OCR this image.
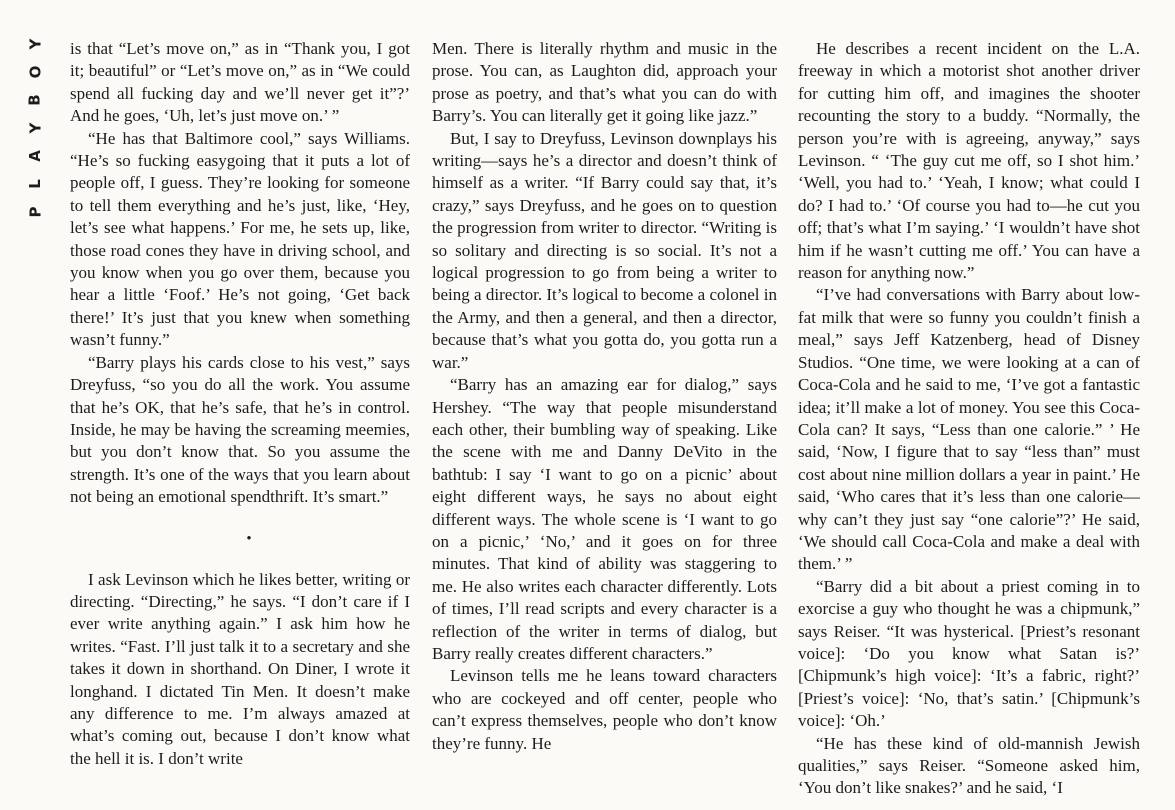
Y
O
B
Y
A
L
P

is that “Let’s move on,” as in “Thank you, I got it; beautiful” or “Let’s move on,” as in “We could spend all fucking day and we’ll never get it”?’ And he goes, ‘Uh, let’s just move on.’ ”

“He has that Baltimore cool,” says Williams. “He’s so fucking easygoing that it puts a lot of people off, I guess. They’re looking for someone to tell them everything and he’s just, like, ‘Hey, let’s see what happens.’ For me, he sets up, like, those road cones they have in driving school, and you know when you go over them, because you hear a little ‘Foof.’ He’s not going, ‘Get back there!’ It’s just that you knew when something wasn’t funny.”

“Barry plays his cards close to his vest,” says Dreyfuss, “so you do all the work. You assume that he’s OK, that he’s safe, that he’s in control. Inside, he may be having the screaming meemies, but you don’t know that. So you assume the strength. It’s one of the ways that you learn about not being an emotional spendthrift. It’s smart.”

•

I ask Levinson which he likes better, writing or directing. “Directing,” he says. “I don’t care if I ever write anything again.” I ask him how he writes. “Fast. I’ll just talk it to a secretary and she takes it down in shorthand. On Diner, I wrote it longhand. I dictated Tin Men. It doesn’t make any difference to me. I’m always amazed at what’s coming out, because I don’t know what the hell it is. I don’t write

Men. There is literally rhythm and music in the prose. You can, as Laughton did, approach your prose as poetry, and that’s what you can do with Barry’s. You can literally get it going like jazz.”

But, I say to Dreyfuss, Levinson downplays his writing—says he’s a director and doesn’t think of himself as a writer. “If Barry could say that, it’s crazy,” says Dreyfuss, and he goes on to question the progression from writer to director. “Writing is so solitary and directing is so social. It’s not a logical progression to go from being a writer to being a director. It’s logical to become a colonel in the Army, and then a general, and then a director, because that’s what you gotta do, you gotta run a war.”

“Barry has an amazing ear for dialog,” says Hershey. “The way that people misunderstand each other, their bumbling way of speaking. Like the scene with me and Danny DeVito in the bathtub: I say ‘I want to go on a picnic’ about eight different ways, he says no about eight different ways. The whole scene is ‘I want to go on a picnic,’ ‘No,’ and it goes on for three minutes. That kind of ability was staggering to me. He also writes each character differently. Lots of times, I’ll read scripts and every character is a reflection of the writer in terms of dialog, but Barry really creates different characters.”

Levinson tells me he leans toward characters who are cockeyed and off center, people who can’t express themselves, people who don’t know they’re funny. He

He describes a recent incident on the L.A. freeway in which a motorist shot another driver for cutting him off, and imagines the shooter recounting the story to a buddy. “Normally, the person you’re with is agreeing, anyway,” says Levinson. “ ‘The guy cut me off, so I shot him.’ ‘Well, you had to.’ ‘Yeah, I know; what could I do? I had to.’ ‘Of course you had to—he cut you off; that’s what I’m saying.’ ‘I wouldn’t have shot him if he wasn’t cutting me off.’ You can have a reason for anything now.”

“I’ve had conversations with Barry about low-fat milk that were so funny you couldn’t finish a meal,” says Jeff Katzenberg, head of Disney Studios. “One time, we were looking at a can of Coca-Cola and he said to me, ‘I’ve got a fantastic idea; it’ll make a lot of money. You see this Coca-Cola can? It says, “Less than one calorie.” ’ He said, ‘Now, I figure that to say “less than” must cost about nine million dollars a year in paint.’ He said, ‘Who cares that it’s less than one calorie—why can’t they just say “one calorie”?’ He said, ‘We should call Coca-Cola and make a deal with them.’ ”

“Barry did a bit about a priest coming in to exorcise a guy who thought he was a chipmunk,” says Reiser. “It was hysterical. [Priest’s resonant voice]: ‘Do you know what Satan is?’ [Chipmunk’s high voice]: ‘It’s a fabric, right?’ [Priest’s voice]: ‘No, that’s satin.’ [Chipmunk’s voice]: ‘Oh.’

“He has these kind of old-mannish Jewish qualities,” says Reiser. “Someone asked him, ‘You don’t like snakes?’ and he said, ‘I
